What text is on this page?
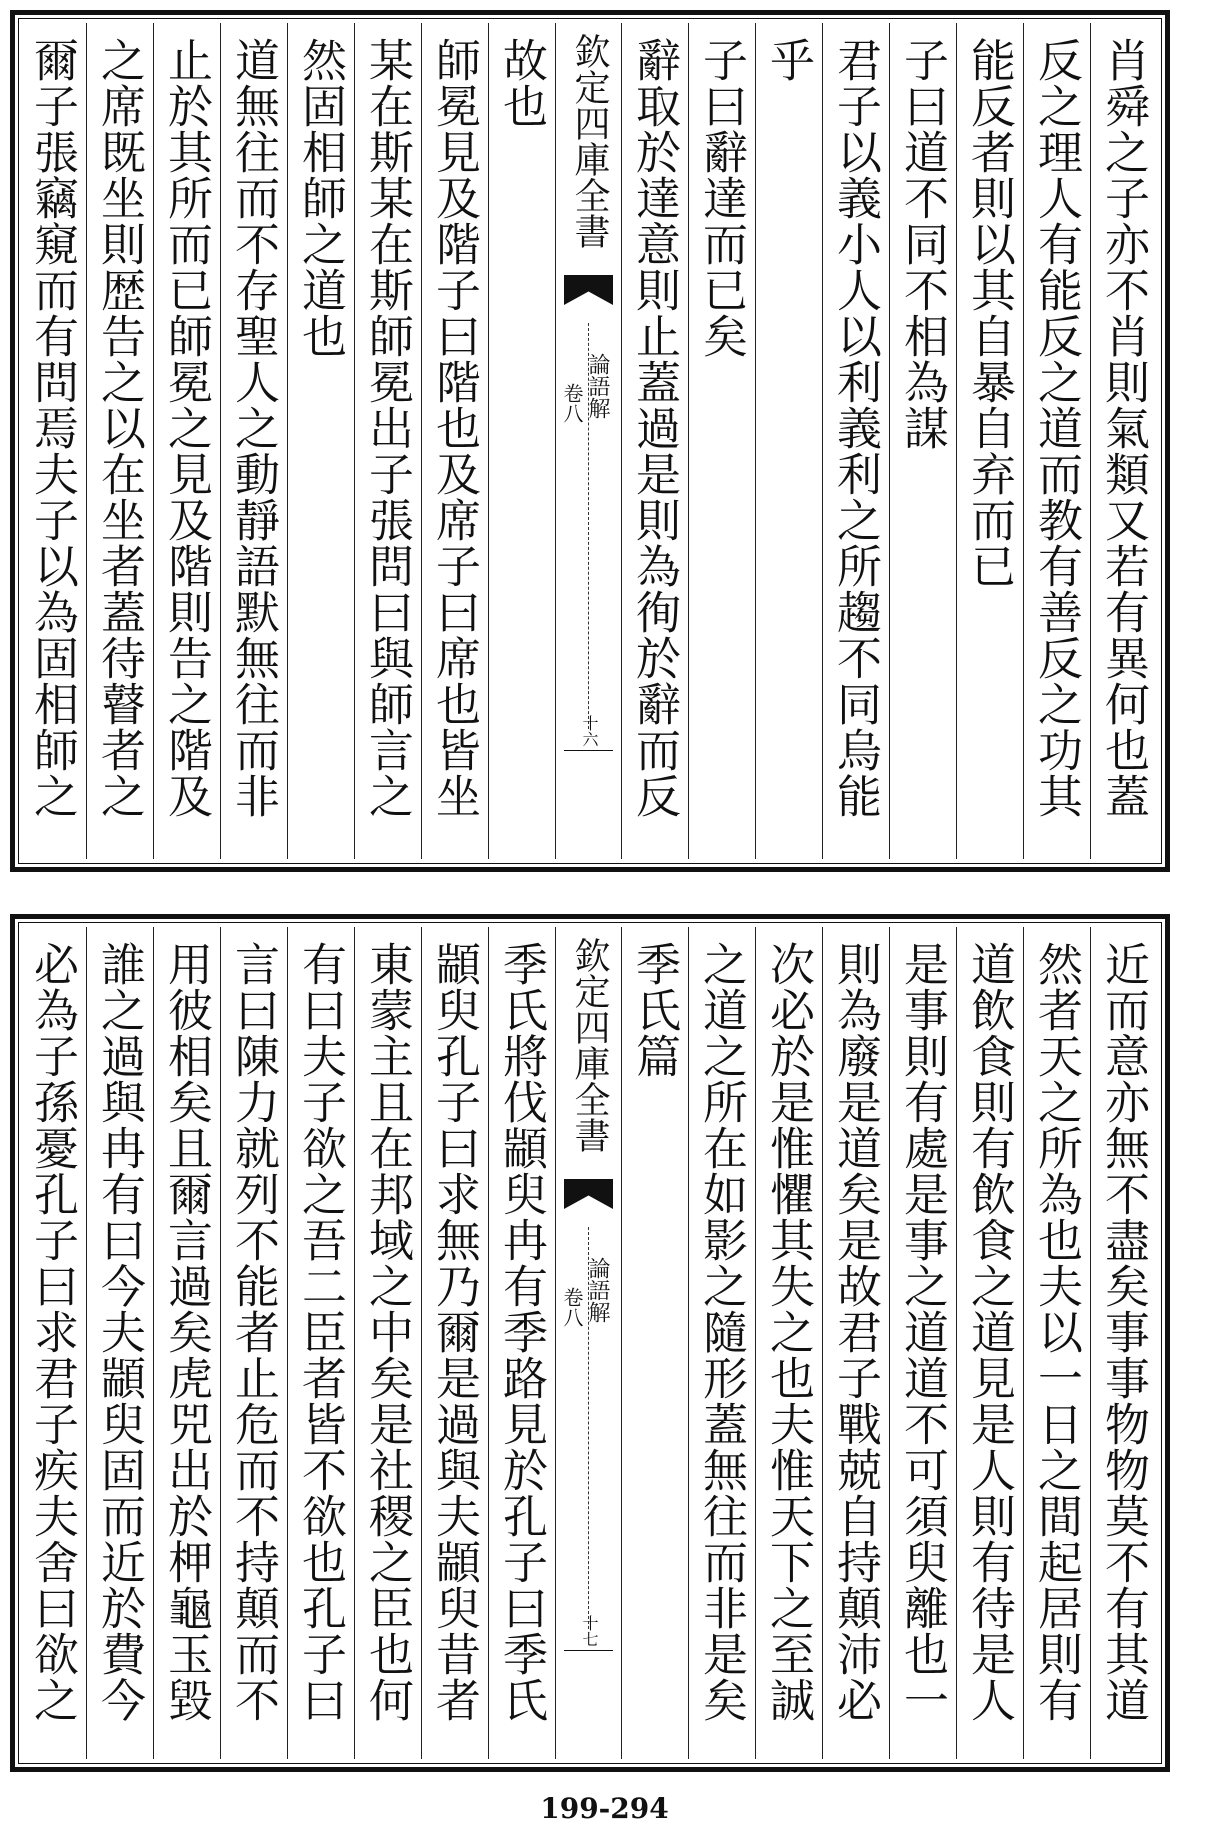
肖舜之子亦不肖則氣類又若有異何也蓋
反之理人有能反之道而教有善反之功其
能反者則以其自暴自弃而已
子曰道不同不相為謀
君子以義小人以利義利之所趨不同烏能
乎
子曰辭達而已矣
辭取於達意則止蓋過是則為徇於辭而反
欽定四庫全書
論語解
卷八
十六
故也
師冕見及階子曰階也及席子曰席也皆坐
某在斯某在斯師冕出子張問曰與師言之
然固相師之道也
道無往而不存聖人之動靜語默無往而非
止於其所而已師冕之見及階則告之階及
之席既坐則歴告之以在坐者蓋待瞽者之
爾子張竊窺而有問焉夫子以為固相師之
近而意亦無不盡矣事事物物莫不有其道
然者天之所為也夫以一日之間起居則有
道飲食則有飲食之道見是人則有待是人
是事則有處是事之道道不可須臾離也一
則為廢是道矣是故君子戰兢自持顛沛必
次必於是惟懼其失之也夫惟天下之至誠
之道之所在如影之隨形蓋無往而非是矣
季氏篇
欽定四庫全書
論語解
卷八
十七
季氏將伐顓臾冉有季路見於孔子曰季氏
顓臾孔子曰求無乃爾是過與夫顓臾昔者
東蒙主且在邦域之中矣是社稷之臣也何
有曰夫子欲之吾二臣者皆不欲也孔子曰
言曰陳力就列不能者止危而不持顛而不
用彼相矣且爾言過矣虎兕出於柙龜玉毀
誰之過與冉有曰今夫顓臾固而近於費今
必為子孫憂孔子曰求君子疾夫舍曰欲之
199-294
